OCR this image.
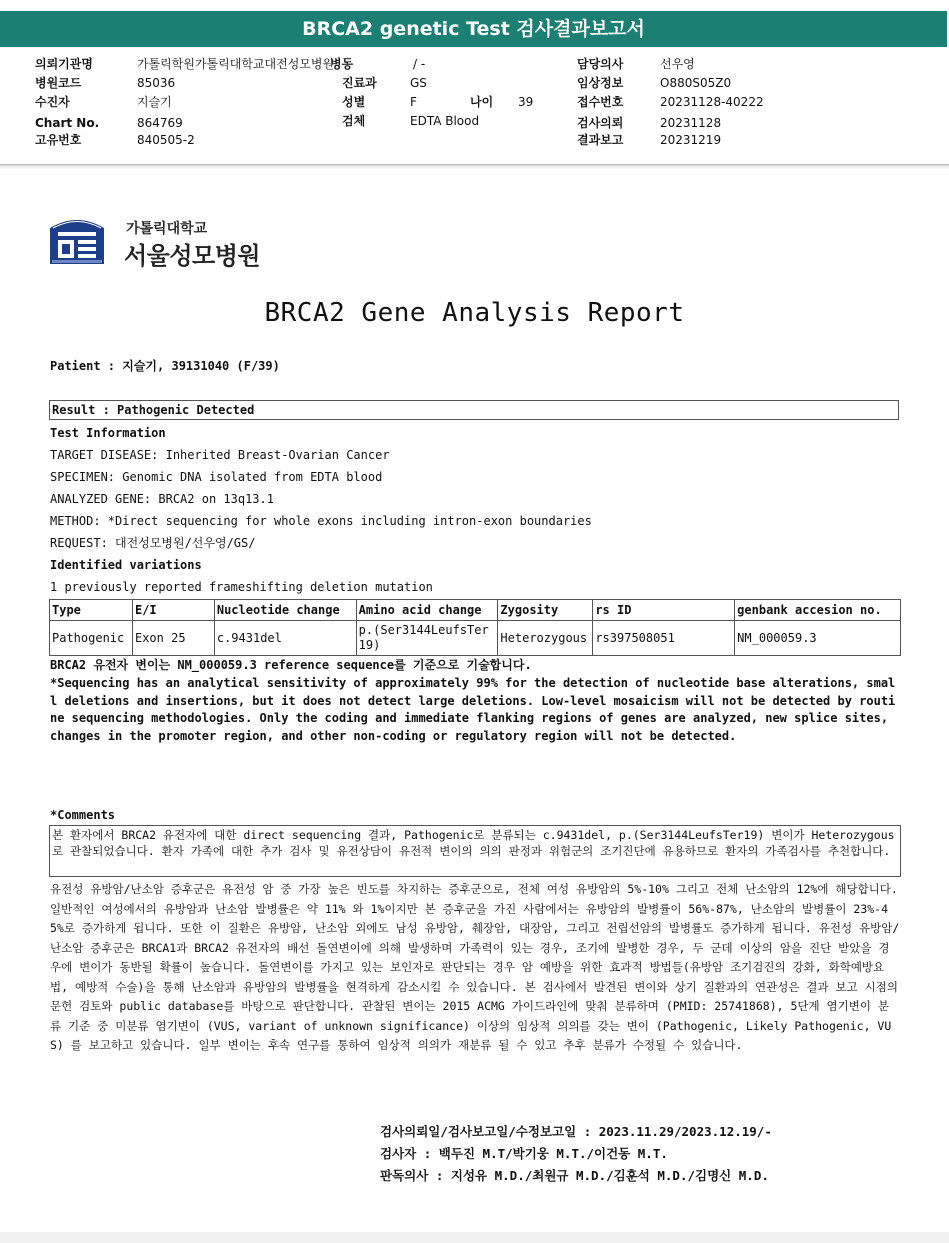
BRCA2 genetic Test 검사결과보고서
의뢰기관명	가톨릭학원가톨릭대학교대전성모병원
병동	/ -	담당의사	선우영
병원코드	85036	진료과	GS	임상정보	O880S05Z0
수진자	지슬기	성별	F	나이 39	접수번호	20231128-40222
Chart No.	864769	검체	EDTA Blood	검사의뢰	20231128
고유번호	840505-2	결과보고	20231219
가톨릭대학교
서울성모병원
BRCA2 Gene Analysis Report
Patient : 지슬기, 39131040 (F/39)
Result : Pathogenic Detected
Test Information
TARGET DISEASE: Inherited Breast-Ovarian Cancer
SPECIMEN: Genomic DNA isolated from EDTA blood
ANALYZED GENE: BRCA2 on 13q13.1
METHOD: *Direct sequencing for whole exons including intron-exon boundaries
REQUEST: 대전성모병원/선우영/GS/
Identified variations
1 previously reported frameshifting deletion mutation
Type	E/I	Nucleotide change	Amino acid change	Zygosity	rs ID	genbank accesion no.
Pathogenic	Exon 25	c.9431del	p.(Ser3144LeufsTer19)	Heterozygous	rs397508051	NM_000059.3
BRCA2 유전자 변이는 NM_000059.3 reference sequence를 기준으로 기술합니다.
*Sequencing has an analytical sensitivity of approximately 99% for the detection of nucleotide base alterations, small deletions and insertions, but it does not detect large deletions. Low-level mosaicism will not be detected by routine sequencing methodologies. Only the coding and immediate flanking regions of genes are analyzed, new splice sites, changes in the promoter region, and other non-coding or regulatory region will not be detected.
*Comments
본 환자에서 BRCA2 유전자에 대한 direct sequencing 결과, Pathogenic로 분류되는 c.9431del, p.(Ser3144LeufsTer19) 변이가 Heterozygous로 관찰되었습니다. 환자 가족에 대한 추가 검사 및 유전상담이 유전적 변이의 의의 판정과 위험군의 조기진단에 유용하므로 환자의 가족검사를 추천합니다.
유전성 유방암/난소암 증후군은 유전성 암 중 가장 높은 빈도를 차지하는 증후군으로, 전체 여성 유방암의 5%-10% 그리고 전체 난소암의 12%에 해당합니다. 일반적인 여성에서의 유방암과 난소암 발병률은 약 11% 와 1%이지만 본 증후군을 가진 사람에서는 유방암의 발병률이 56%-87%, 난소암의 발병률이 23%-45%로 증가하게 됩니다. 또한 이 질환은 유방암, 난소암 외에도 남성 유방암, 췌장암, 대장암, 그리고 전립선암의 발병률도 증가하게 됩니다. 유전성 유방암/난소암 증후군은 BRCA1과 BRCA2 유전자의 배선 돌연변이에 의해 발생하며 가족력이 있는 경우, 조기에 발병한 경우, 두 군데 이상의 암을 진단 받았을 경우에 변이가 동반될 확률이 높습니다. 돌연변이를 가지고 있는 보인자로 판단되는 경우 암 예방을 위한 효과적 방법들(유방암 조기검진의 강화, 화학예방요법, 예방적 수술)을 통해 난소암과 유방암의 발병률을 현격하게 감소시킬 수 있습니다. 본 검사에서 발견된 변이와 상기 질환과의 연관성은 결과 보고 시점의 문헌 검토와 public database를 바탕으로 판단합니다. 관찰된 변이는 2015 ACMG 가이드라인에 맞춰 분류하며 (PMID: 25741868), 5단계 염기변이 분류 기준 중 미분류 염기변이 (VUS, variant of unknown significance) 이상의 임상적 의의를 갖는 변이 (Pathogenic, Likely Pathogenic, VUS) 를 보고하고 있습니다. 일부 변이는 후속 연구를 통하여 임상적 의의가 재분류 될 수 있고 추후 분류가 수정될 수 있습니다.
검사의뢰일/검사보고일/수정보고일 : 2023.11.29/2023.12.19/-
검사자 : 백두진 M.T/박기웅 M.T./이건동 M.T.
판독의사 : 지성유 M.D./최원규 M.D./김훈석 M.D./김명신 M.D.
